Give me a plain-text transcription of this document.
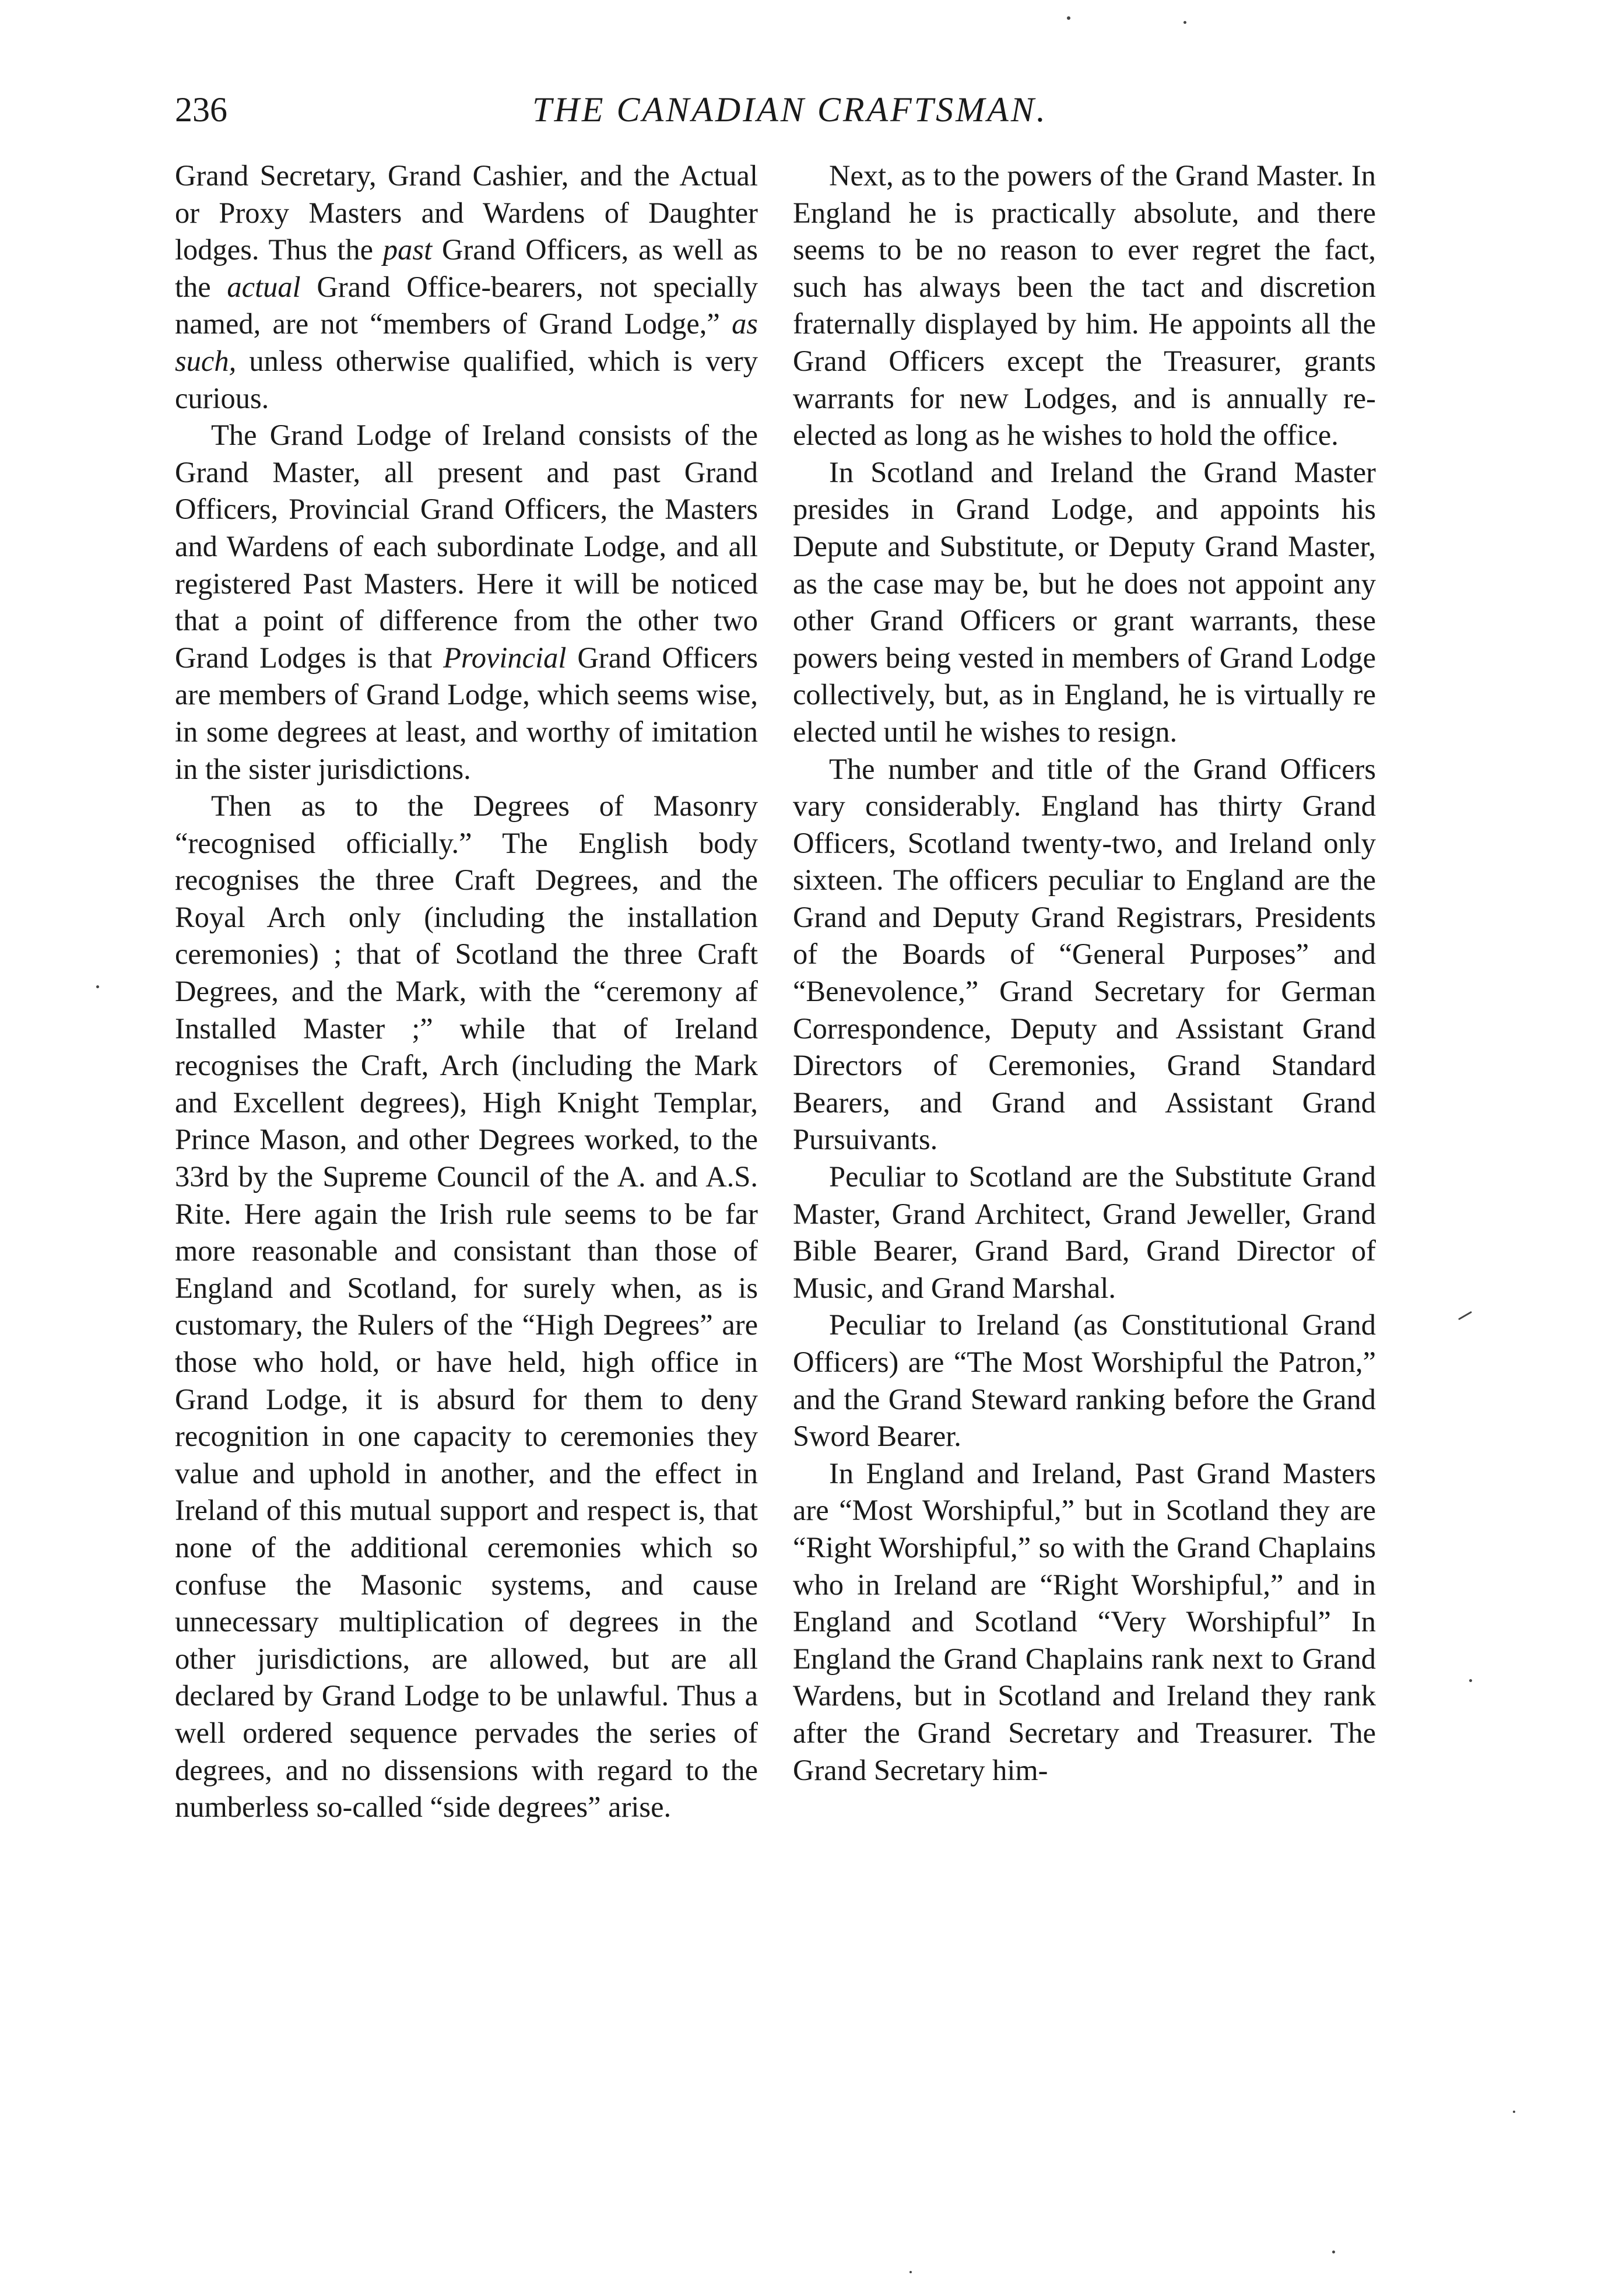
236	THE CANADIAN CRAFTSMAN.

Grand Secretary, Grand Cashier, and the Actual or Proxy Masters and Wardens of Daughter lodges. Thus the past Grand Officers, as well as the actual Grand Office-bearers, not specially named, are not “members of Grand Lodge,” as such, unless otherwise qualified, which is very curious.

The Grand Lodge of Ireland consists of the Grand Master, all present and past Grand Officers, Provincial Grand Officers, the Masters and Wardens of each subordinate Lodge, and all registered Past Masters. Here it will be noticed that a point of difference from the other two Grand Lodges is that Provincial Grand Officers are members of Grand Lodge, which seems wise, in some degrees at least, and worthy of imitation in the sister jurisdictions.

Then as to the Degrees of Masonry “recognised officially.” The English body recognises the three Craft Degrees, and the Royal Arch only (including the installation ceremonies) ; that of Scotland the three Craft Degrees, and the Mark, with the “ceremony af Installed Master ;” while that of Ireland recognises the Craft, Arch (including the Mark and Excellent degrees), High Knight Templar, Prince Mason, and other Degrees worked, to the 33rd by the Supreme Council of the A. and A.S. Rite. Here again the Irish rule seems to be far more reasonable and consistant than those of England and Scotland, for surely when, as is customary, the Rulers of the “High Degrees” are those who hold, or have held, high office in Grand Lodge, it is absurd for them to deny recognition in one capacity to ceremonies they value and uphold in another, and the effect in Ireland of this mutual support and respect is, that none of the additional ceremonies which so confuse the Masonic systems, and cause unnecessary multiplication of degrees in the other jurisdictions, are allowed, but are all declared by Grand Lodge to be unlawful. Thus a well ordered sequence pervades the series of degrees, and no dissensions with regard to the numberless so-called “side degrees” arise.

Next, as to the powers of the Grand Master. In England he is practically absolute, and there seems to be no reason to ever regret the fact, such has always been the tact and discretion fraternally displayed by him. He appoints all the Grand Officers except the Treasurer, grants warrants for new Lodges, and is annually re-elected as long as he wishes to hold the office.

In Scotland and Ireland the Grand Master presides in Grand Lodge, and appoints his Depute and Substitute, or Deputy Grand Master, as the case may be, but he does not appoint any other Grand Officers or grant warrants, these powers being vested in members of Grand Lodge collectively, but, as in England, he is virtually re elected until he wishes to resign.

The number and title of the Grand Officers vary considerably. England has thirty Grand Officers, Scotland twenty-two, and Ireland only sixteen. The officers peculiar to England are the Grand and Deputy Grand Registrars, Presidents of the Boards of “General Purposes” and “Benevolence,” Grand Secretary for German Correspondence, Deputy and Assistant Grand Directors of Ceremonies, Grand Standard Bearers, and Grand and Assistant Grand Pursuivants.

Peculiar to Scotland are the Substitute Grand Master, Grand Architect, Grand Jeweller, Grand Bible Bearer, Grand Bard, Grand Director of Music, and Grand Marshal.

Peculiar to Ireland (as Constitutional Grand Officers) are “The Most Worshipful the Patron,” and the Grand Steward ranking before the Grand Sword Bearer.

In England and Ireland, Past Grand Masters are “Most Worshipful,” but in Scotland they are “Right Worshipful,” so with the Grand Chaplains who in Ireland are “Right Worshipful,” and in England and Scotland “Very Worshipful” In England the Grand Chaplains rank next to Grand Wardens, but in Scotland and Ireland they rank after the Grand Secretary and Treasurer. The Grand Secretary him-
